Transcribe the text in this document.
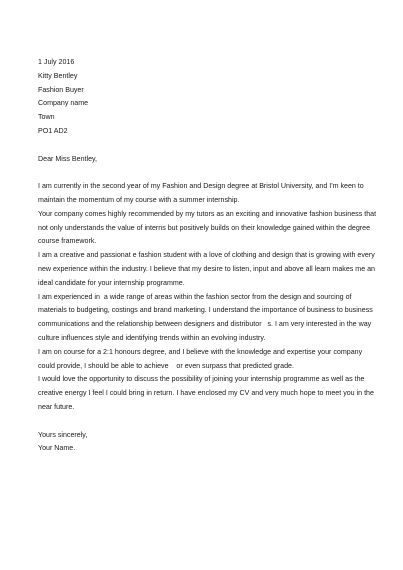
1 July 2016
Kitty Bentley
Fashion Buyer
Company name
Town
PO1 AD2
Dear Miss Bentley,
I am currently in the second year of my Fashion and Design degree at Bristol University, and I'm keen to
maintain the momentum of my course with a summer internship.
Your company comes highly recommended by my tutors as an exciting and innovative fashion business that
not only understands the value of interns but positively builds on their knowledge gained within the degree
course framework.
I am a creative and passionat e fashion student with a love of clothing and design that is growing with every
new experience within the industry. I believe that my desire to listen, input and above all learn makes me an
ideal candidate for your internship programme.
I am experienced in  a wide range of areas within the fashion sector from the design and sourcing of
materials to budgeting, costings and brand marketing. I understand the importance of business to business
communications and the relationship between designers and distributor   s. I am very interested in the way
culture influences style and identifying trends within an evolving industry.
I am on course for a 2:1 honours degree, and I believe with the knowledge and expertise your company
could provide, I should be able to achieve    or even surpass that predicted grade.
I would love the opportunity to discuss the possibility of joining your internship programme as well as the
creative energy I feel I could bring in return. I have enclosed my CV and very much hope to meet you in the
near future.
Yours sincerely,
Your Name.
